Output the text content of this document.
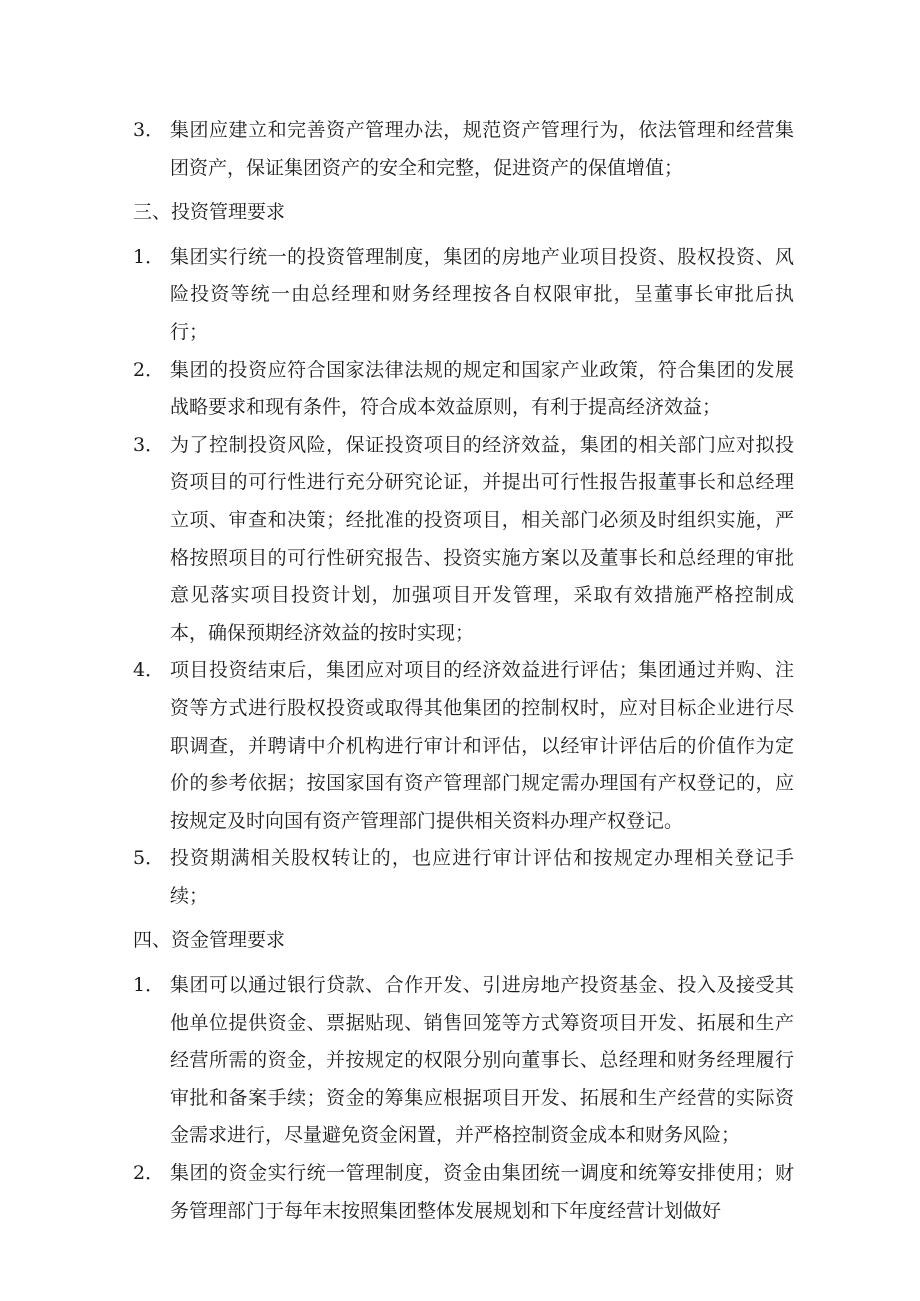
3． 集团应建立和完善资产管理办法，规范资产管理行为，依法管理和经营集团资产，保证集团资产的安全和完整，促进资产的保值增值；
三、投资管理要求
1． 集团实行统一的投资管理制度，集团的房地产业项目投资、股权投资、风险投资等统一由总经理和财务经理按各自权限审批，呈董事长审批后执行；
2． 集团的投资应符合国家法律法规的规定和国家产业政策，符合集团的发展战略要求和现有条件，符合成本效益原则，有利于提高经济效益；
3． 为了控制投资风险，保证投资项目的经济效益，集团的相关部门应对拟投资项目的可行性进行充分研究论证，并提出可行性报告报董事长和总经理立项、审查和决策；经批准的投资项目，相关部门必须及时组织实施，严格按照项目的可行性研究报告、投资实施方案以及董事长和总经理的审批意见落实项目投资计划，加强项目开发管理，采取有效措施严格控制成本，确保预期经济效益的按时实现；
4． 项目投资结束后，集团应对项目的经济效益进行评估；集团通过并购、注资等方式进行股权投资或取得其他集团的控制权时，应对目标企业进行尽职调查，并聘请中介机构进行审计和评估，以经审计评估后的价值作为定价的参考依据；按国家国有资产管理部门规定需办理国有产权登记的，应按规定及时向国有资产管理部门提供相关资料办理产权登记。
5． 投资期满相关股权转让的，也应进行审计评估和按规定办理相关登记手续；
四、资金管理要求
1． 集团可以通过银行贷款、合作开发、引进房地产投资基金、投入及接受其他单位提供资金、票据贴现、销售回笼等方式筹资项目开发、拓展和生产经营所需的资金，并按规定的权限分别向董事长、总经理和财务经理履行审批和备案手续；资金的筹集应根据项目开发、拓展和生产经营的实际资金需求进行，尽量避免资金闲置，并严格控制资金成本和财务风险；
2． 集团的资金实行统一管理制度，资金由集团统一调度和统筹安排使用；财务管理部门于每年末按照集团整体发展规划和下年度经营计划做好
